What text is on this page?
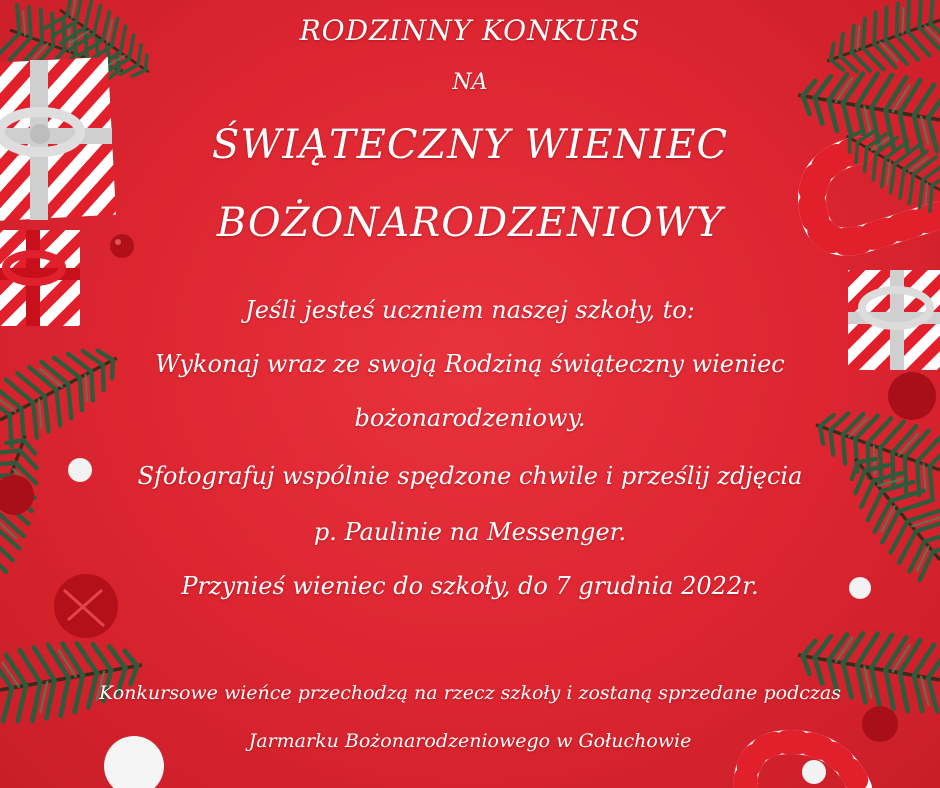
RODZINNY KONKURS
NA
ŚWIĄTECZNY WIENIEC
BOŻONARODZENIOWY
Jeśli jesteś uczniem naszej szkoły, to:
Wykonaj wraz ze swoją Rodziną świąteczny wieniec
bożonarodzeniowy.
Sfotografuj wspólnie spędzone chwile i prześlij zdjęcia
p. Paulinie na Messenger.
Przynieś wieniec do szkoły, do 7 grudnia 2022r.
Konkursowe wieńce przechodzą na rzecz szkoły i zostaną sprzedane podczas
Jarmarku Bożonarodzeniowego w Gołuchowie
